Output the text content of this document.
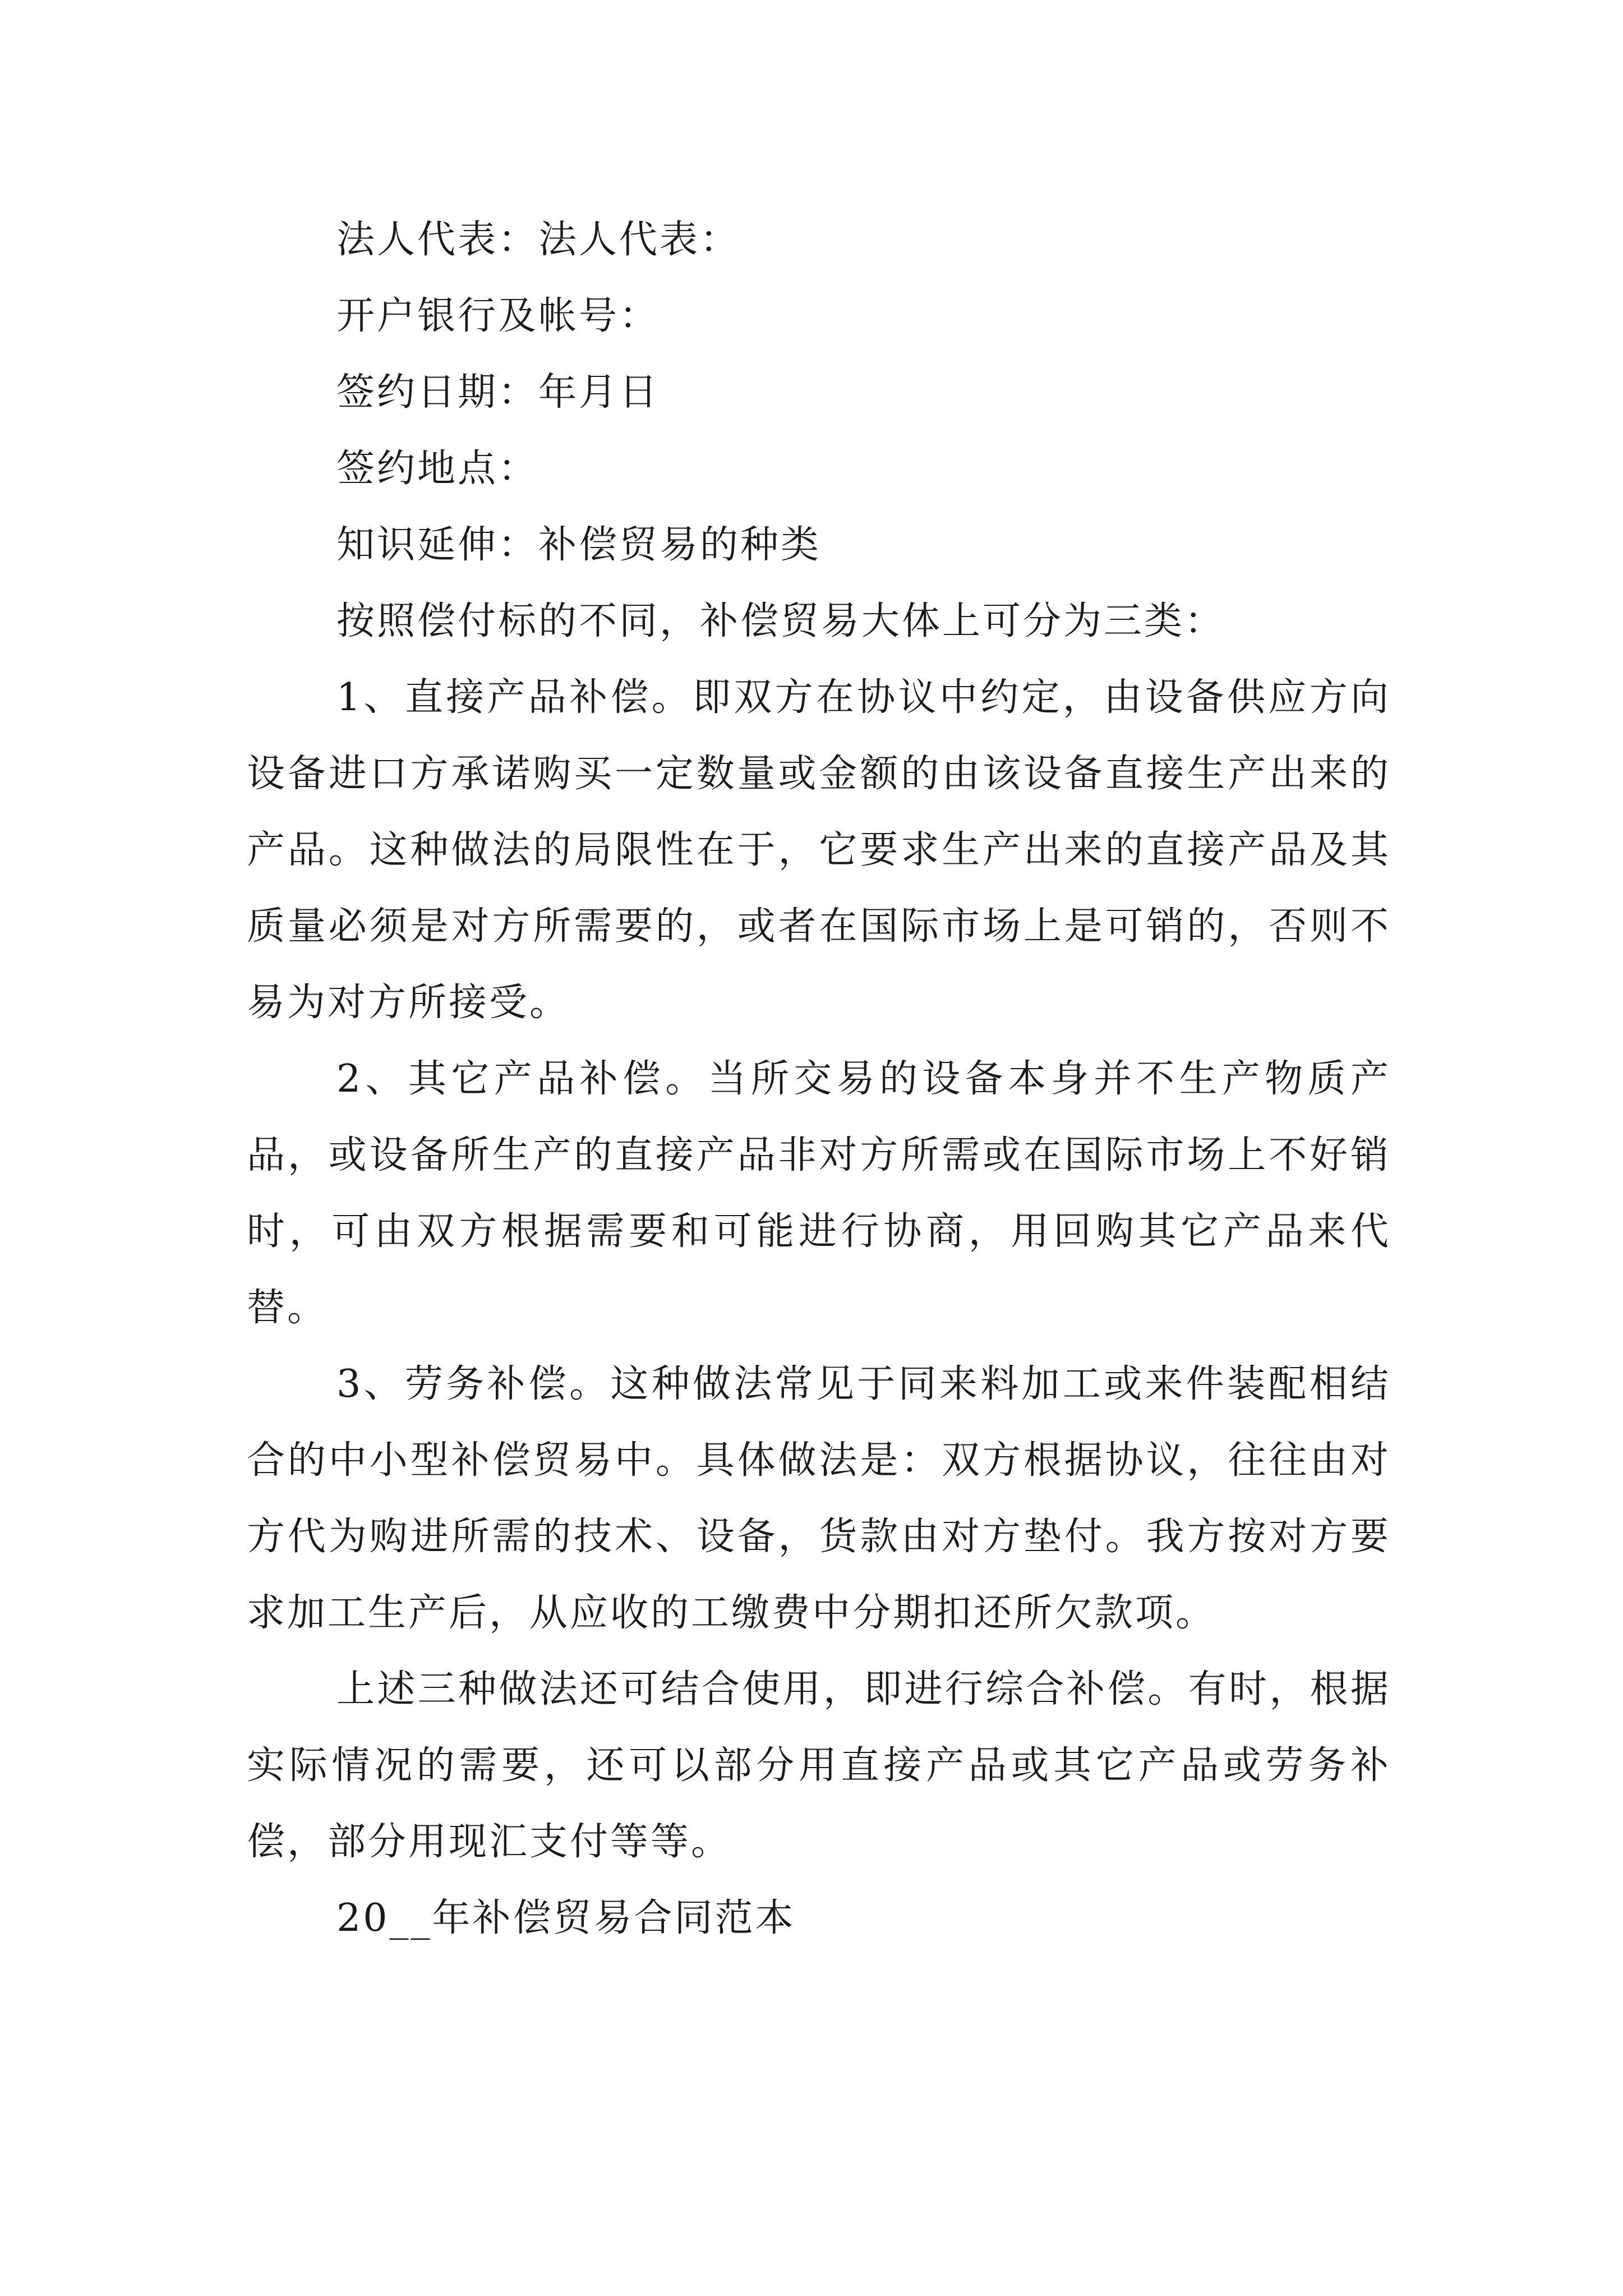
法人代表：法人代表：
开户银行及帐号：
签约日期：年月日
签约地点：
知识延伸：补偿贸易的种类
按照偿付标的不同，补偿贸易大体上可分为三类：

1、直接产品补偿。即双方在协议中约定，由设备供应方向设备进口方承诺购买一定数量或金额的由该设备直接生产出来的产品。这种做法的局限性在于，它要求生产出来的直接产品及其质量必须是对方所需要的，或者在国际市场上是可销的，否则不易为对方所接受。

2、其它产品补偿。当所交易的设备本身并不生产物质产品，或设备所生产的直接产品非对方所需或在国际市场上不好销时，可由双方根据需要和可能进行协商，用回购其它产品来代替。

3、劳务补偿。这种做法常见于同来料加工或来件装配相结合的中小型补偿贸易中。具体做法是：双方根据协议，往往由对方代为购进所需的技术、设备，货款由对方垫付。我方按对方要求加工生产后，从应收的工缴费中分期扣还所欠款项。

上述三种做法还可结合使用，即进行综合补偿。有时，根据实际情况的需要，还可以部分用直接产品或其它产品或劳务补偿，部分用现汇支付等等。

20__年补偿贸易合同范本
